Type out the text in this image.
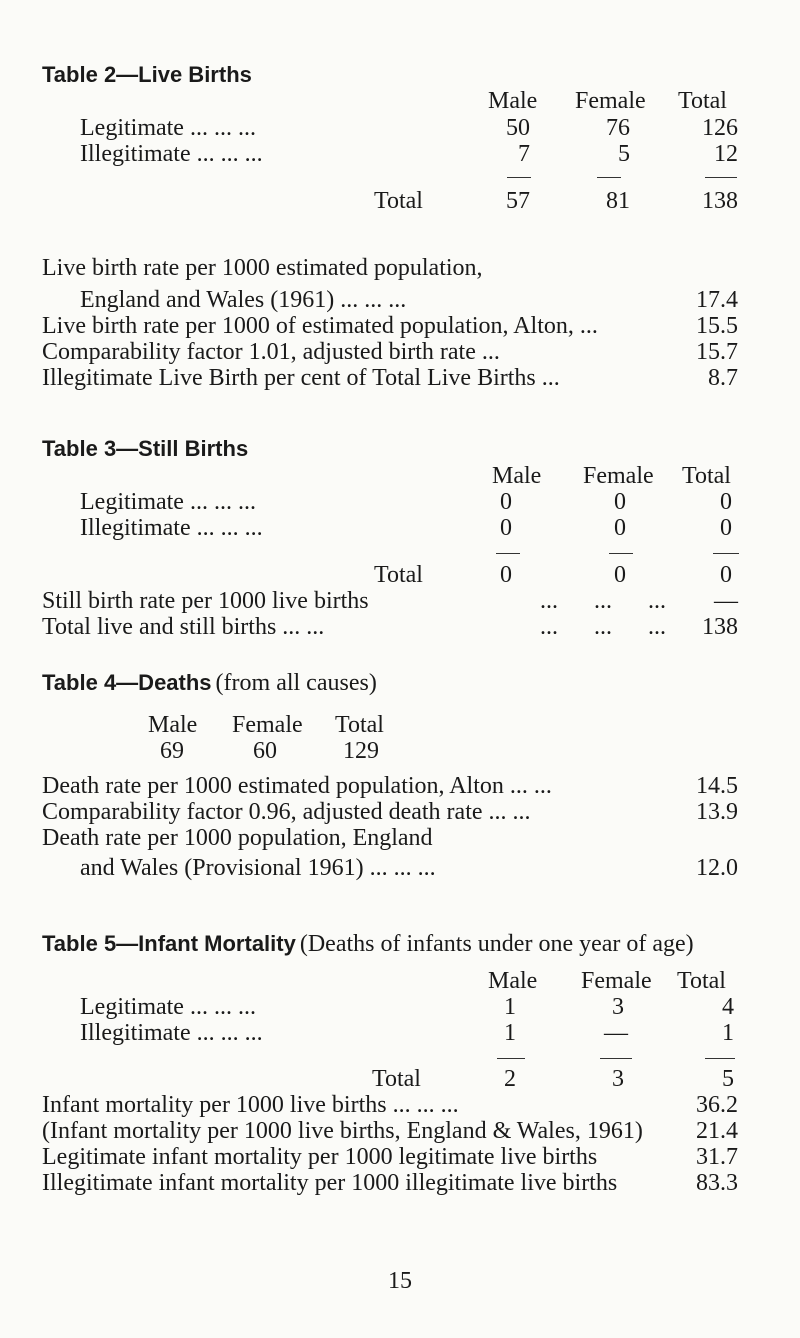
Table 2—Live Births
Male Female Total
Legitimate ... ... ...	50	76	126
Illegitimate ... ... ...	7	5	12
Total	57	81	138
Live birth rate per 1000 estimated population,
England and Wales (1961) ... ... ...	17.4
Live birth rate per 1000 of estimated population, Alton, ...	15.5
Comparability factor 1.01, adjusted birth rate ...	15.7
Illegitimate Live Birth per cent of Total Live Births ...	8.7
Table 3—Still Births
Male Female Total
Legitimate ... ... ...	0	0	0
Illegitimate ... ... ...	0	0	0
Total	0	0	0
Still birth rate per 1000 live births	... ... ...	—
Total live and still births ... ...	... ... ...	138
Table 4—Deaths (from all causes)
Male Female Total
69	60	129
Death rate per 1000 estimated population, Alton ... ...	14.5
Comparability factor 0.96, adjusted death rate ... ...	13.9
Death rate per 1000 population, England
and Wales (Provisional 1961) ... ... ...	12.0
Table 5—Infant Mortality (Deaths of infants under one year of age)
Male Female Total
Legitimate ... ... ...	1	3	4
Illegitimate ... ... ...	1	—	1
Total	2	3	5
Infant mortality per 1000 live births ... ... ...	36.2
(Infant mortality per 1000 live births, England & Wales, 1961)	21.4
Legitimate infant mortality per 1000 legitimate live births	31.7
Illegitimate infant mortality per 1000 illegitimate live births	83.3
15
